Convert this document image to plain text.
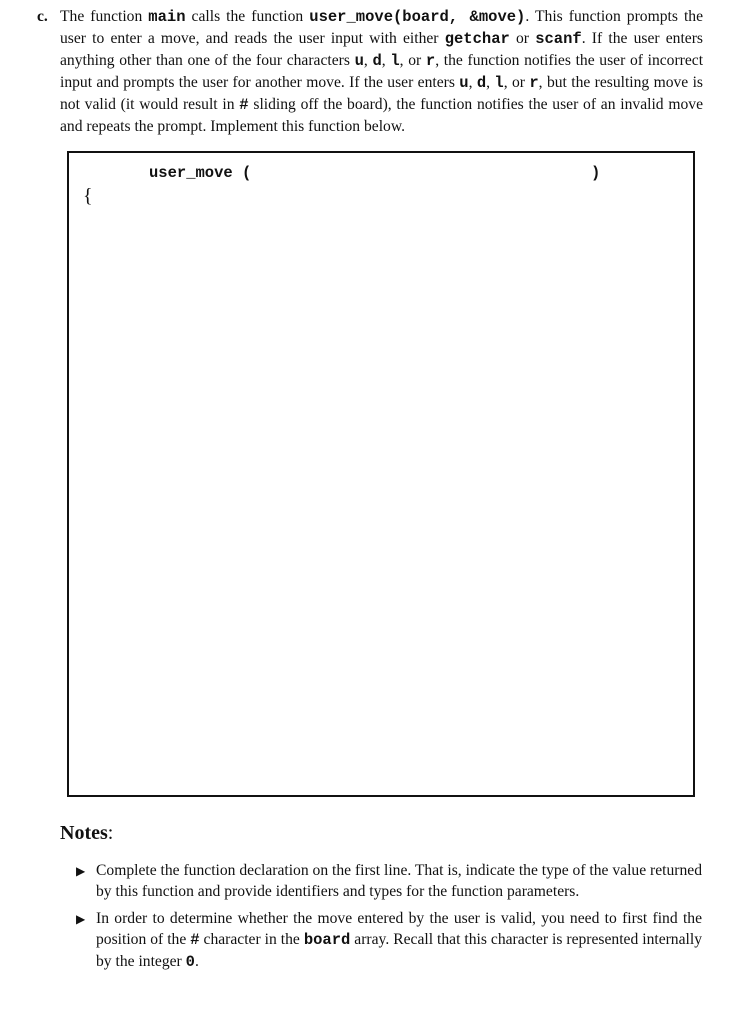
c. The function main calls the function user_move(board, &move). This function prompts the user to enter a move, and reads the user input with either getchar or scanf. If the user enters anything other than one of the four characters u, d, l, or r, the function notifies the user of incorrect input and prompts the user for another move. If the user enters u, d, l, or r, but the resulting move is not valid (it would result in # sliding off the board), the function notifies the user of an invalid move and repeats the prompt. Implement this function below.
user_move (	)
{
Notes:
▶ Complete the function declaration on the first line. That is, indicate the type of the value returned by this function and provide identifiers and types for the function parameters.
▶ In order to determine whether the move entered by the user is valid, you need to first find the position of the # character in the board array. Recall that this character is represented internally by the integer 0.
